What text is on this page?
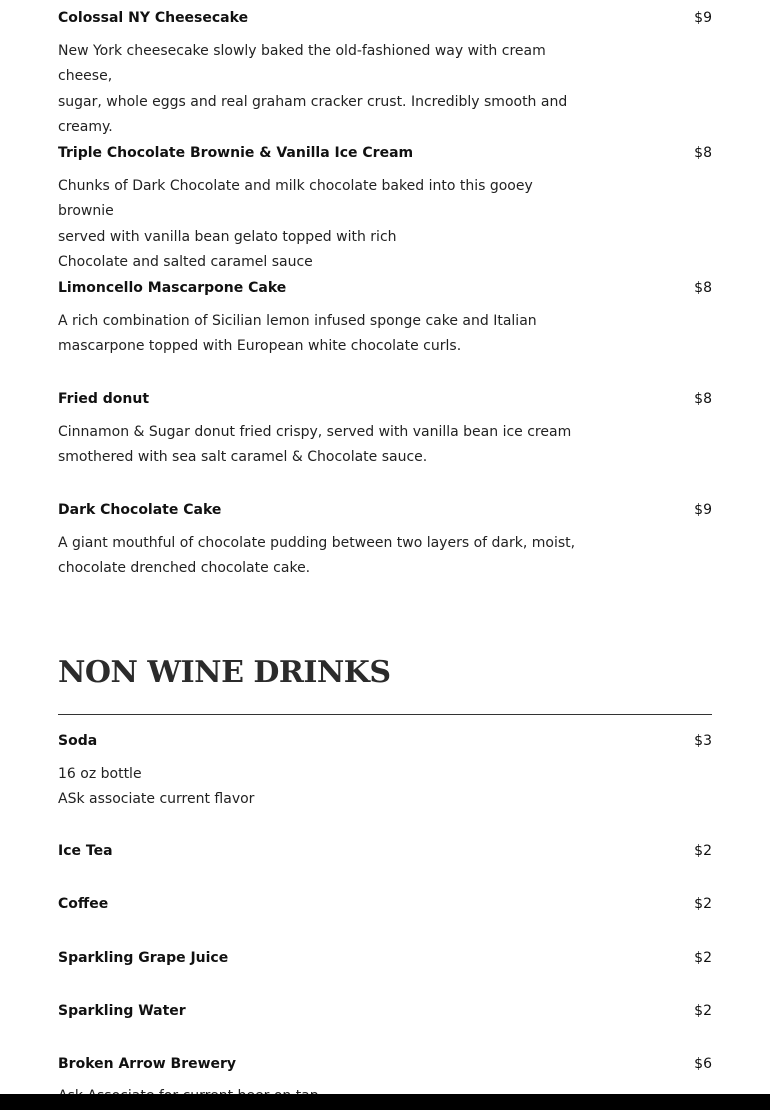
Colossal NY Cheesecake	$9
New York cheesecake slowly baked the old-fashioned way with cream cheese,
sugar, whole eggs and real graham cracker crust. Incredibly smooth and
creamy.
Triple Chocolate Brownie & Vanilla Ice Cream	$8
Chunks of Dark Chocolate and milk chocolate baked into this gooey brownie
served with vanilla bean gelato topped with rich
Chocolate and salted caramel sauce
Limoncello Mascarpone Cake	$8
A rich combination of Sicilian lemon infused sponge cake and Italian
mascarpone topped with European white chocolate curls.
Fried donut	$8
Cinnamon & Sugar donut fried crispy, served with vanilla bean ice cream
smothered with sea salt caramel & Chocolate sauce.
Dark Chocolate Cake	$9
A giant mouthful of chocolate pudding between two layers of dark, moist,
chocolate drenched chocolate cake.
NON WINE DRINKS
Soda	$3
16 oz bottle
ASk associate current flavor
Ice Tea	$2
Coffee	$2
Sparkling Grape Juice	$2
Sparkling Water	$2
Broken Arrow Brewery	$6
